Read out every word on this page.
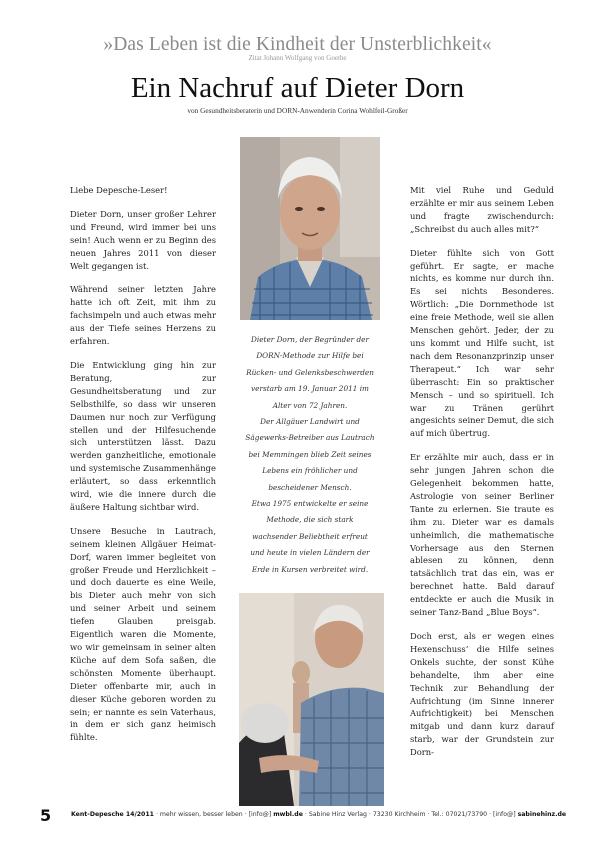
»Das Leben ist die Kindheit der Unsterblichkeit«
Zitat Johann Wolfgang von Goethe
Ein Nachruf auf Dieter Dorn
von Gesundheitsberaterin und DORN-Anwenderin Corina Wohlfeil-Großer

Liebe Depesche-Leser!

Dieter Dorn, unser großer Lehrer und Freund, wird immer bei uns sein! Auch wenn er zu Beginn des neuen Jahres 2011 von dieser Welt gegangen ist.

Während seiner letzten Jahre hatte ich oft Zeit, mit ihm zu fachsimpeln und auch etwas mehr aus der Tiefe seines Herzens zu erfahren.

Die Entwicklung ging hin zur Beratung, zur Gesundheitsberatung und zur Selbsthilfe, so dass wir unseren Daumen nur noch zur Verfügung stellen und der Hilfesuchende sich unterstützen lässt. Dazu werden ganzheitliche, emotionale und systemische Zusammenhänge erläutert, so dass erkenntlich wird, wie die innere durch die äußere Haltung sichtbar wird.

Unsere Besuche in Lautrach, seinem kleinen Allgäuer Heimat-Dorf, waren immer begleitet von großer Freude und Herzlichkeit – und doch dauerte es eine Weile, bis Dieter auch mehr von sich und seiner Arbeit und seinem tiefen Glauben preisgab. Eigentlich waren die Momente, wo wir gemeinsam in seiner alten Küche auf dem Sofa saßen, die schönsten Momente überhaupt. Dieter offenbarte mir, auch in dieser Küche geboren worden zu sein; er nannte es sein Vaterhaus, in dem er sich ganz heimisch fühlte.

Dieter Dorn, der Begründer der
DORN-Methode zur Hilfe bei
Rücken- und Gelenksbeschwerden
verstarb am 19. Januar 2011 im
Alter von 72 Jahren.
Der Allgäuer Landwirt und
Sägewerks-Betreiber aus Lautrach
bei Memmingen blieb Zeit seines
Lebens ein fröhlicher und
bescheidener Mensch.
Etwa 1975 entwickelte er seine
Methode, die sich stark
wachsender Beliebtheit erfreut
und heute in vielen Ländern der
Erde in Kursen verbreitet wird.

Mit viel Ruhe und Geduld erzählte er mir aus seinem Leben und fragte zwischendurch: „Schreibst du auch alles mit?“

Dieter fühlte sich von Gott geführt. Er sagte, er mache nichts, es komme nur durch ihn. Es sei nichts Besonderes. Wörtlich: „Die Dornmethode ist eine freie Methode, weil sie allen Menschen gehört. Jeder, der zu uns kommt und Hilfe sucht, ist nach dem Resonanzprinzip unser Therapeut.“ Ich war sehr überrascht: Ein so praktischer Mensch – und so spirituell. Ich war zu Tränen gerührt angesichts seiner Demut, die sich auf mich übertrug.

Er erzählte mir auch, dass er in sehr jungen Jahren schon die Gelegenheit bekommen hatte, Astrologie von seiner Berliner Tante zu erlernen. Sie traute es ihm zu. Dieter war es damals unheimlich, die mathematische Vorhersage aus den Sternen ablesen zu können, denn tatsächlich trat das ein, was er berechnet hatte. Bald darauf entdeckte er auch die Musik in seiner Tanz-Band „Blue Boys“.

Doch erst, als er wegen eines Hexenschuss’ die Hilfe seines Onkels suchte, der sonst Kühe behandelte, ihm aber eine Technik zur Behandlung der Aufrichtung (im Sinne innerer Aufrichtigkeit) bei Menschen mitgab und dann kurz darauf starb, war der Grundstein zur Dorn-

5	Kent-Depesche 14/2011 · mehr wissen, besser leben · [info@] mwbl.de · Sabine Hinz Verlag · 73230 Kirchheim · Tel.: 07021/73790 · [info@] sabinehinz.de
